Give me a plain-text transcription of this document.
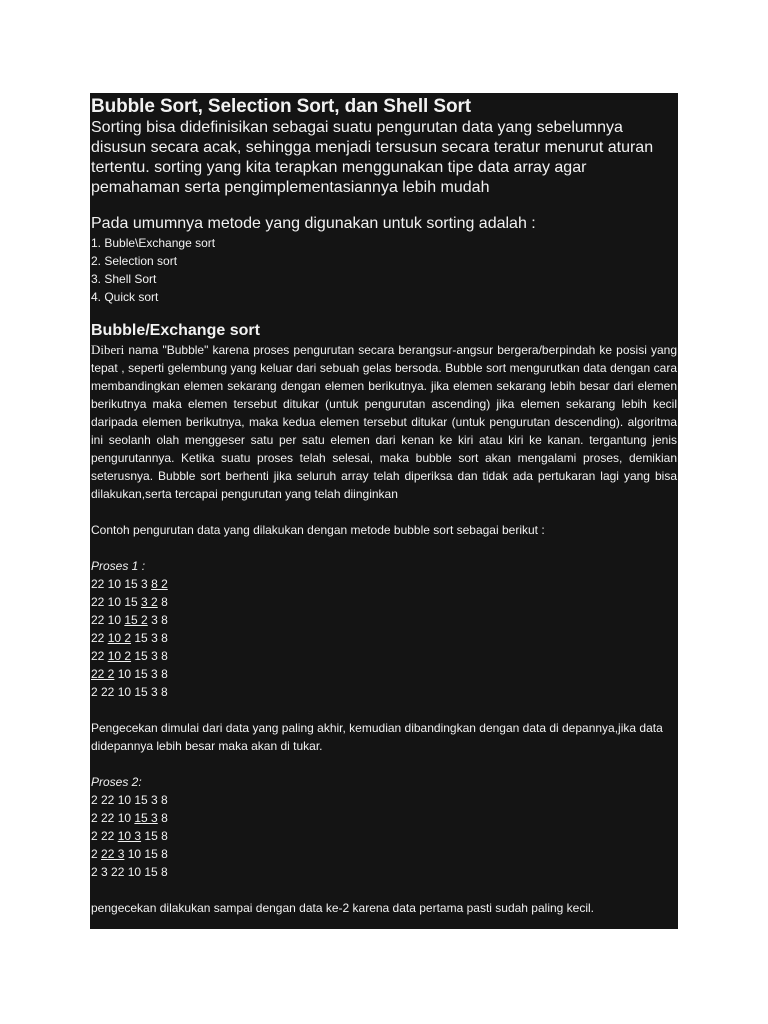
Bubble Sort, Selection Sort, dan Shell Sort

Sorting bisa didefinisikan sebagai suatu pengurutan data yang sebelumnya disusun secara acak, sehingga menjadi tersusun secara teratur menurut aturan tertentu. sorting yang kita terapkan menggunakan tipe data array agar pemahaman serta pengimplementasiannya lebih mudah

Pada umumnya metode yang digunakan untuk sorting adalah :

1. Buble\Exchange sort
2. Selection sort
3. Shell Sort
4. Quick sort
Bubble/Exchange sort

Diberi nama "Bubble" karena proses pengurutan secara berangsur-angsur bergera/berpindah ke posisi yang tepat , seperti gelembung yang keluar dari sebuah gelas bersoda. Bubble sort mengurutkan data dengan cara membandingkan elemen sekarang dengan elemen berikutnya. jika elemen sekarang lebih besar dari elemen berikutnya maka elemen tersebut ditukar (untuk pengurutan ascending) jika elemen sekarang lebih kecil daripada elemen berikutnya, maka kedua elemen tersebut ditukar (untuk pengurutan descending). algoritma ini seolanh olah menggeser satu per satu elemen dari kenan ke kiri atau kiri ke kanan. tergantung jenis pengurutannya. Ketika suatu proses telah selesai, maka bubble sort akan mengalami proses, demikian seterusnya. Bubble sort berhenti jika seluruh array telah diperiksa dan tidak ada pertukaran lagi yang bisa dilakukan,serta tercapai pengurutan yang telah diinginkan

Contoh pengurutan data yang dilakukan dengan metode bubble sort sebagai berikut :

Proses 1 :
22 10 15 3 8 2
22 10 15 3 2 8
22 10 15 2 3 8
22 10 2 15 3 8
22 10 2 15 3 8
22 2 10 15 3 8
2 22 10 15 3 8

Pengecekan dimulai dari data yang paling akhir, kemudian dibandingkan dengan data di depannya,jika data didepannya lebih besar maka akan di tukar.

Proses 2:
2 22 10 15 3 8
2 22 10 15 3 8
2 22 10 3 15 8
2 22 3 10 15 8
2 3 22 10 15 8

pengecekan dilakukan sampai dengan data ke-2 karena data pertama pasti sudah paling kecil.
